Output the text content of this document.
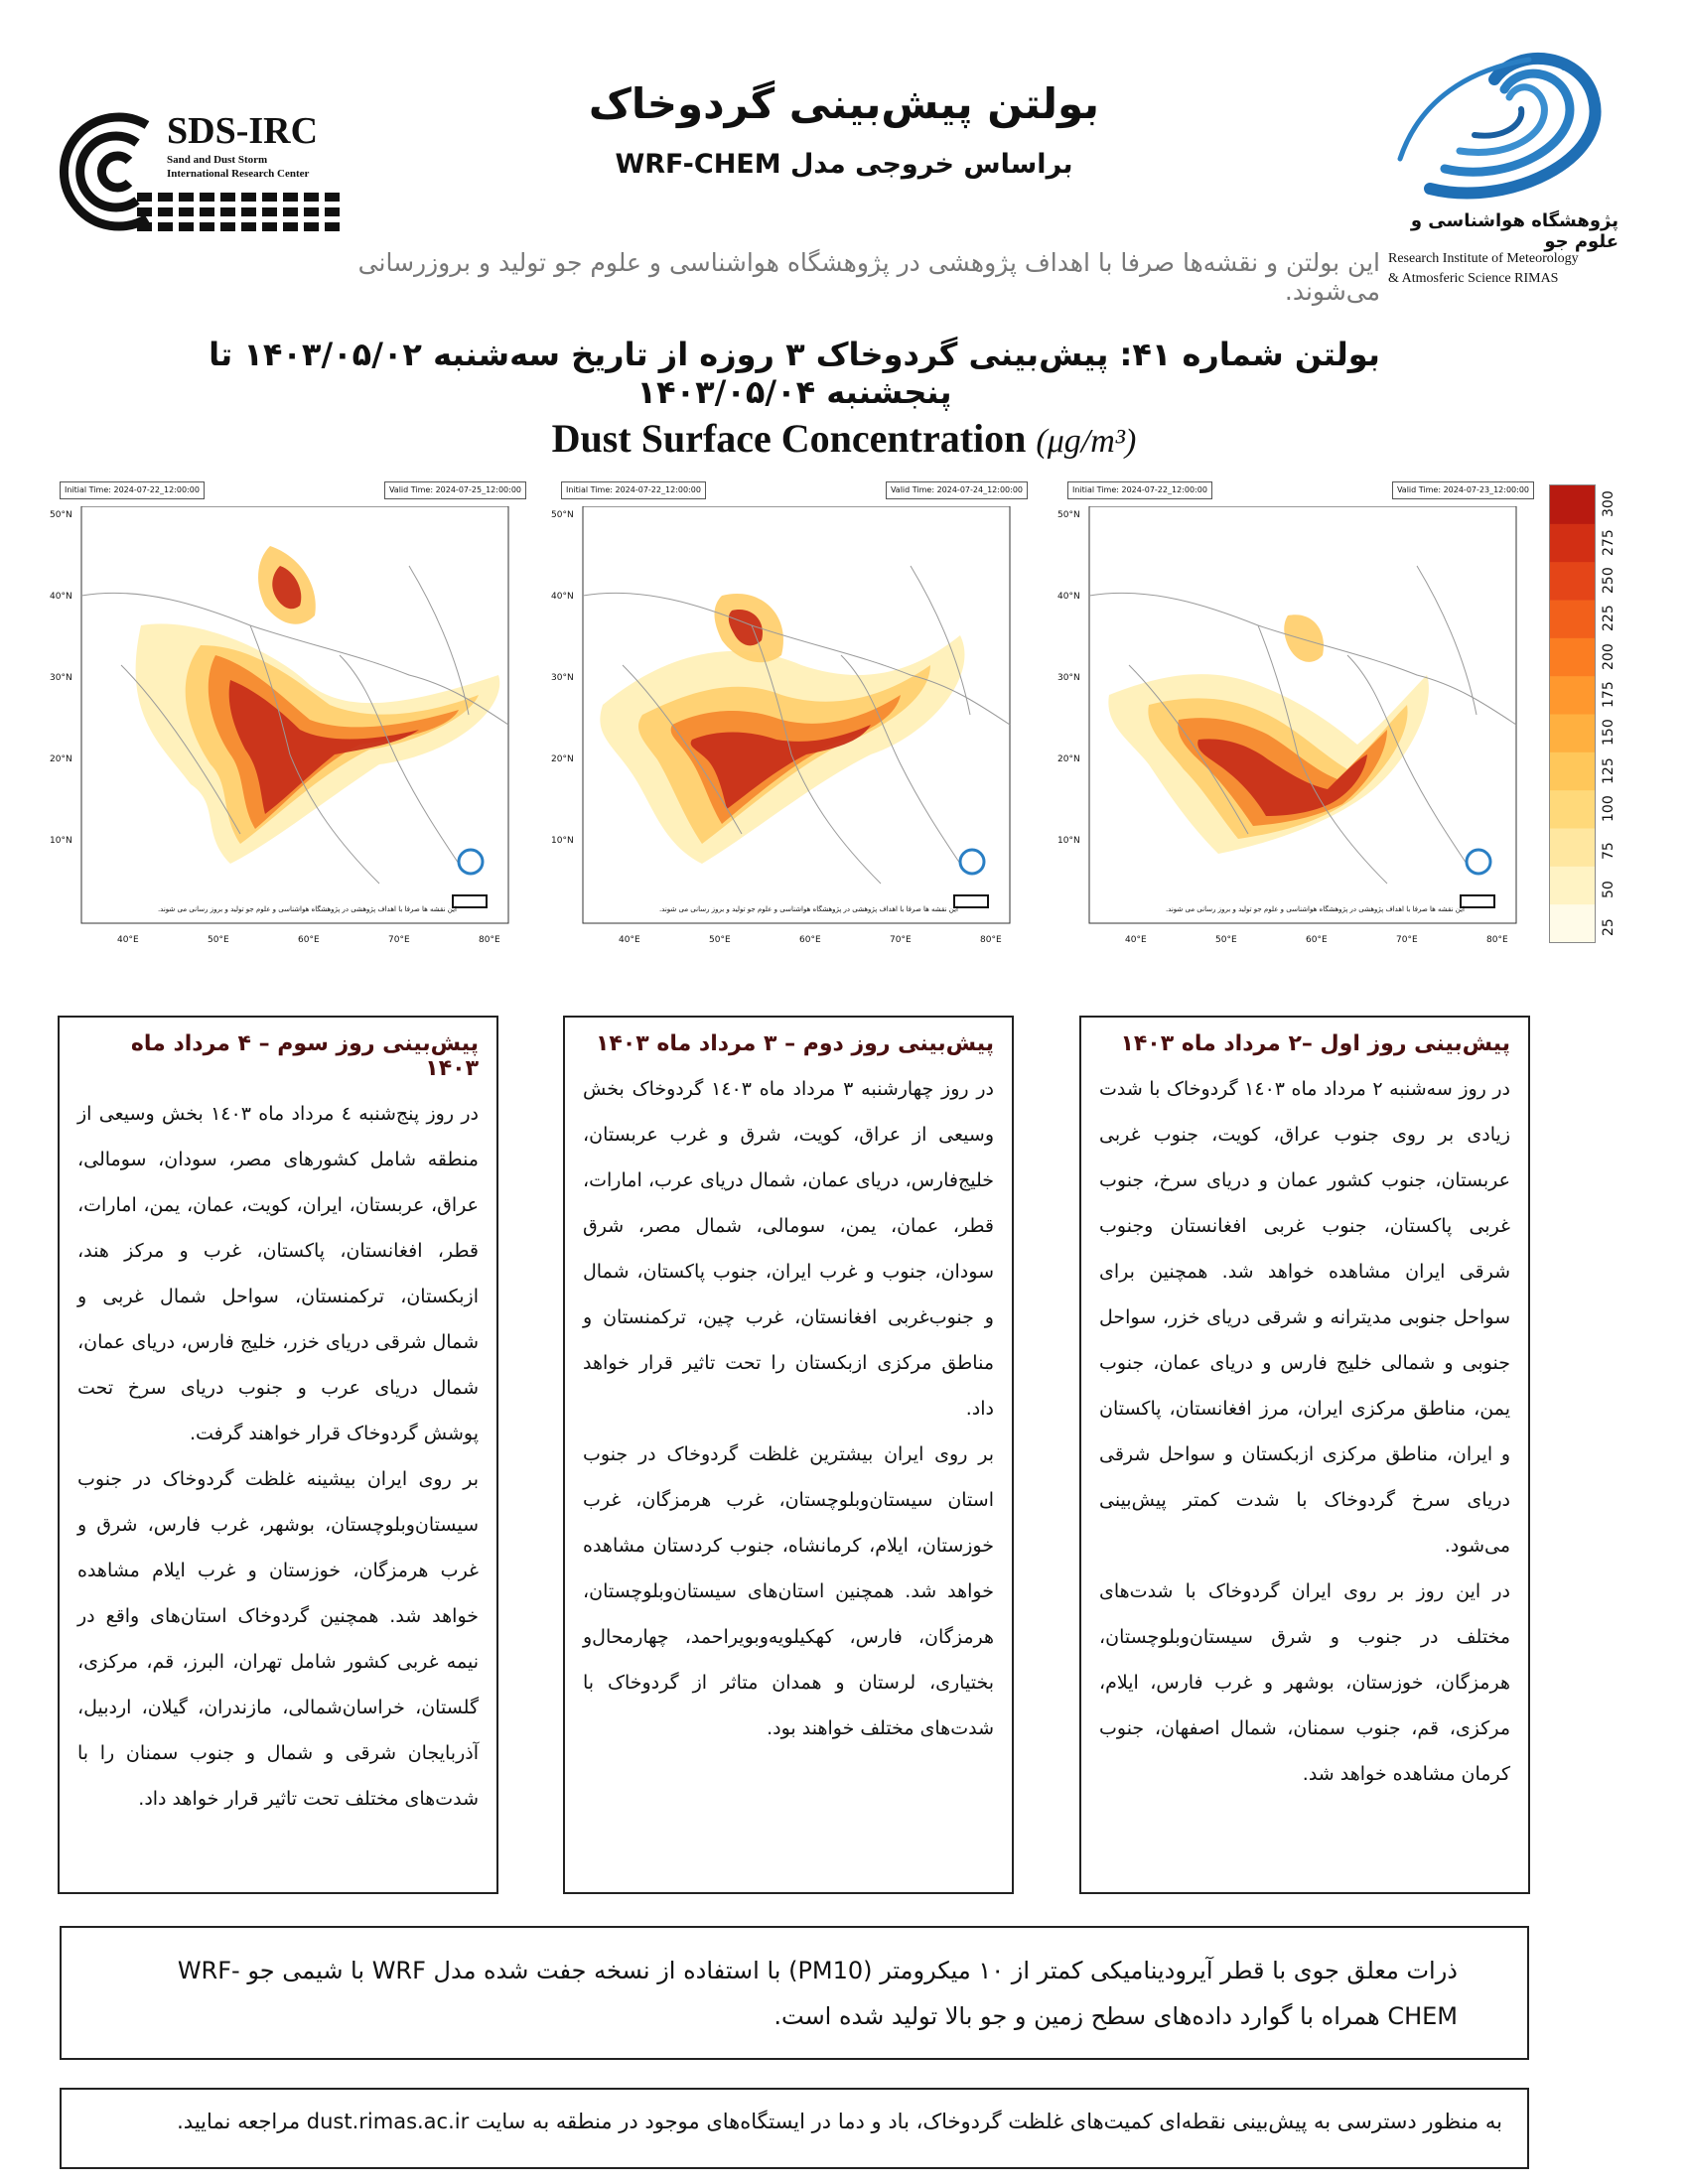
SDS-IRC
Sand and Dust Storm
International Research Center
پژوهشگاه هواشناسی و علوم جو
Research Institute of Meteorology
& Atmosferic Science RIMAS
بولتن پیش‌بینی گردوخاک
براساس خروجی مدل WRF-CHEM
این بولتن و نقشه‌ها صرفا با اهداف پژوهشی در پژوهشگاه هواشناسی و علوم جو تولید و بروزرسانی می‌شوند.
بولتن شماره ۴۱: پیش‌بینی گردوخاک ۳ روزه از تاریخ سه‌شنبه ۱۴۰۳/۰۵/۰۲ تا پنجشنبه ۱۴۰۳/۰۵/۰۴
Dust Surface Concentration (μg/m³)
Initial Time: 2024-07-22_12:00:00	Valid Time: 2024-07-25_12:00:00
50°N
40°N
30°N
20°N
10°N
40°E	50°E	60°E	70°E	80°E
این نقشه ها صرفا با اهداف پژوهشی در پژوهشگاه هواشناسی و علوم جو تولید و بروز رسانی می شوند.
Initial Time: 2024-07-22_12:00:00	Valid Time: 2024-07-24_12:00:00
50°N
40°N
30°N
20°N
10°N
40°E	50°E	60°E	70°E	80°E
این نقشه ها صرفا با اهداف پژوهشی در پژوهشگاه هواشناسی و علوم جو تولید و بروز رسانی می شوند.
Initial Time: 2024-07-22_12:00:00	Valid Time: 2024-07-23_12:00:00
50°N
40°N
30°N
20°N
10°N
40°E	50°E	60°E	70°E	80°E
این نقشه ها صرفا با اهداف پژوهشی در پژوهشگاه هواشناسی و علوم جو تولید و بروز رسانی می شوند.
25
50
75
100
125
150
175
200
225
250
275
300
پیش‌بینی روز سوم – ۴ مرداد ماه ۱۴۰۳

در روز پنج‌شنبه ٤ مرداد ماه ١٤٠٣ بخش وسیعی از منطقه شامل کشورهای مصر، سودان، سومالی، عراق، عربستان، ایران، کویت، عمان، یمن، امارات، قطر، افغانستان، پاکستان، غرب و مرکز هند، ازبکستان، ترکمنستان، سواحل شمال غربی و شمال شرقی دریای خزر، خلیج فارس، دریای عمان، شمال دریای عرب و جنوب دریای سرخ تحت پوشش گردوخاک قرار خواهند گرفت.

بر روی ایران بیشینه غلظت گردوخاک در جنوب سیستان‌وبلوچستان، بوشهر، غرب فارس، شرق و غرب هرمزگان، خوزستان و غرب ایلام مشاهده خواهد شد. همچنین گردوخاک استان‌های واقع در نیمه غربی کشور شامل تهران، البرز، قم، مرکزی، گلستان، خراسان‌شمالی، مازندران، گیلان، اردبیل، آذربایجان شرقی و شمال و جنوب سمنان را با شدت‌های مختلف تحت تاثیر قرار خواهد داد.

پیش‌بینی روز دوم – ۳ مرداد ماه ۱۴۰۳

در روز چهارشنبه ٣ مرداد ماه ١٤٠٣ گردوخاک بخش وسیعی از عراق، کویت، شرق و غرب عربستان، خلیج‌فارس، دریای عمان، شمال دریای عرب، امارات، قطر، عمان، یمن، سومالی، شمال مصر، شرق سودان، جنوب و غرب ایران، جنوب پاکستان، شمال و جنوب‌غربی افغانستان، غرب چین، ترکمنستان و مناطق مرکزی ازبکستان را تحت تاثیر قرار خواهد داد.

بر روی ایران بیشترین غلظت گردوخاک در جنوب استان سیستان‌وبلوچستان، غرب هرمزگان، غرب خوزستان، ایلام، کرمانشاه، جنوب کردستان مشاهده خواهد شد. همچنین استان‌های سیستان‌وبلوچستان، هرمزگان، فارس، کهکیلویه‌وبویراحمد، چهارمحال‌و بختیاری، لرستان و همدان متاثر از گردوخاک با شدت‌های مختلف خواهند بود.

پیش‌بینی روز اول –۲ مرداد ماه ۱۴۰۳

در روز سه‌شنبه ٢ مرداد ماه ١٤٠٣ گردوخاک با شدت زیادی بر روی جنوب عراق، کویت، جنوب غربی عربستان، جنوب کشور عمان و دریای سرخ، جنوب غربی پاکستان، جنوب غربی افغانستان وجنوب شرقی ایران مشاهده خواهد شد. همچنین برای سواحل جنوبی مدیترانه و شرقی دریای خزر، سواحل جنوبی و شمالی خلیج فارس و دریای عمان، جنوب یمن، مناطق مرکزی ایران، مرز افغانستان، پاکستان و ایران، مناطق مرکزی ازبکستان و سواحل شرقی دریای سرخ گردوخاک با شدت کمتر پیش‌بینی می‌شود.

در این روز بر روی ایران گردوخاک با شدت‌های مختلف در جنوب و شرق سیستان‌وبلوچستان، هرمزگان، خوزستان، بوشهر و غرب فارس، ایلام، مرکزی، قم، جنوب سمنان، شمال اصفهان، جنوب کرمان مشاهده خواهد شد.

ذرات معلق جوی با قطر آیرودینامیکی کمتر از ۱۰ میکرومتر (PM10) با استفاده از نسخه جفت شده مدل WRF با شیمی جو WRF-CHEM همراه با گوارد داده‌های سطح زمین و جو بالا تولید شده است.

به منظور دسترسی به پیش‌بینی نقطه‌ای کمیت‌های غلظت گردوخاک، باد و دما در ایستگاه‌های موجود در منطقه به سایت dust.rimas.ac.ir مراجعه نمایید.
